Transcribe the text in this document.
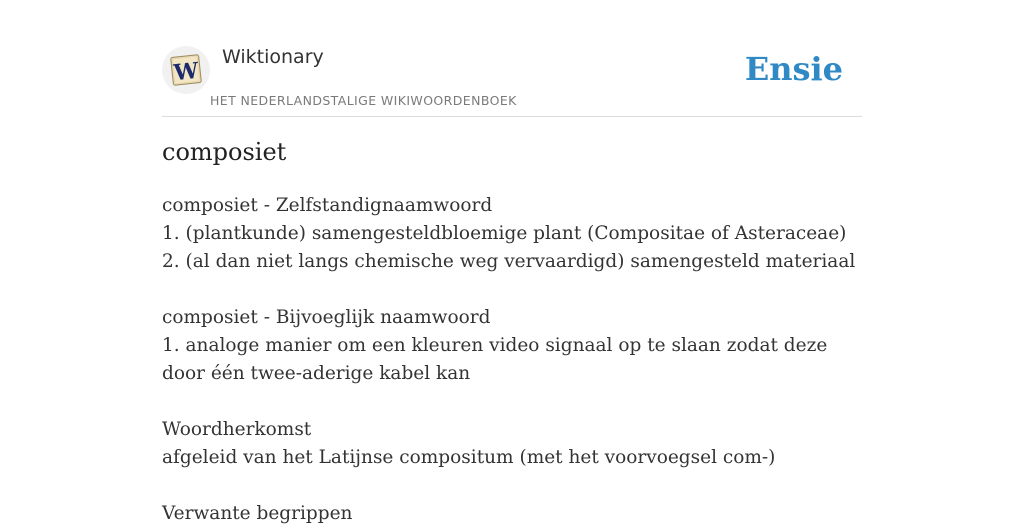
W
Wiktionary
HET NEDERLANDSTALIGE WIKIWOORDENBOEK
Ensie
composiet
composiet - Zelfstandignaamwoord
1. (plantkunde) samengesteldbloemige plant (Compositae of Asteraceae)
2. (al dan niet langs chemische weg vervaardigd) samengesteld materiaal
composiet - Bijvoeglijk naamwoord
1. analoge manier om een kleuren video signaal op te slaan zodat deze door één twee-aderige kabel kan
Woordherkomst
afgeleid van het Latijnse compositum (met het voorvoegsel com-)
Verwante begrippen
